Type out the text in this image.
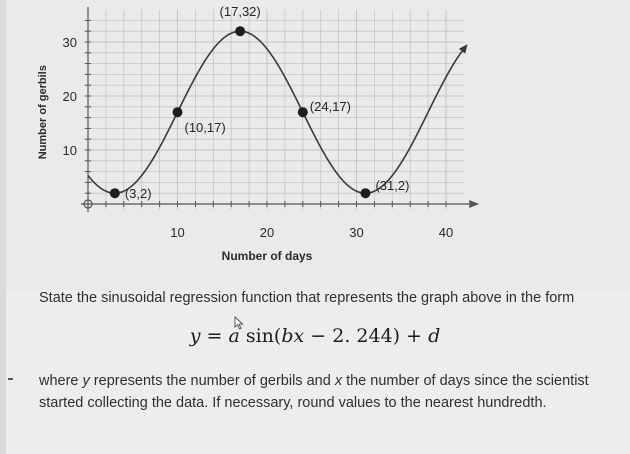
10	20	30	40
10
20
30
Number of days
Number of gerbils
(3,2)
(10,17)
(17,32)
(24,17)
(31,2)
State the sinusoidal regression function that represents the graph above in the form
y = a sin(bx − 2. 244) + d
where y represents the number of gerbils and x the number of days since the scientist started collecting the data. If necessary, round values to the nearest hundredth.
